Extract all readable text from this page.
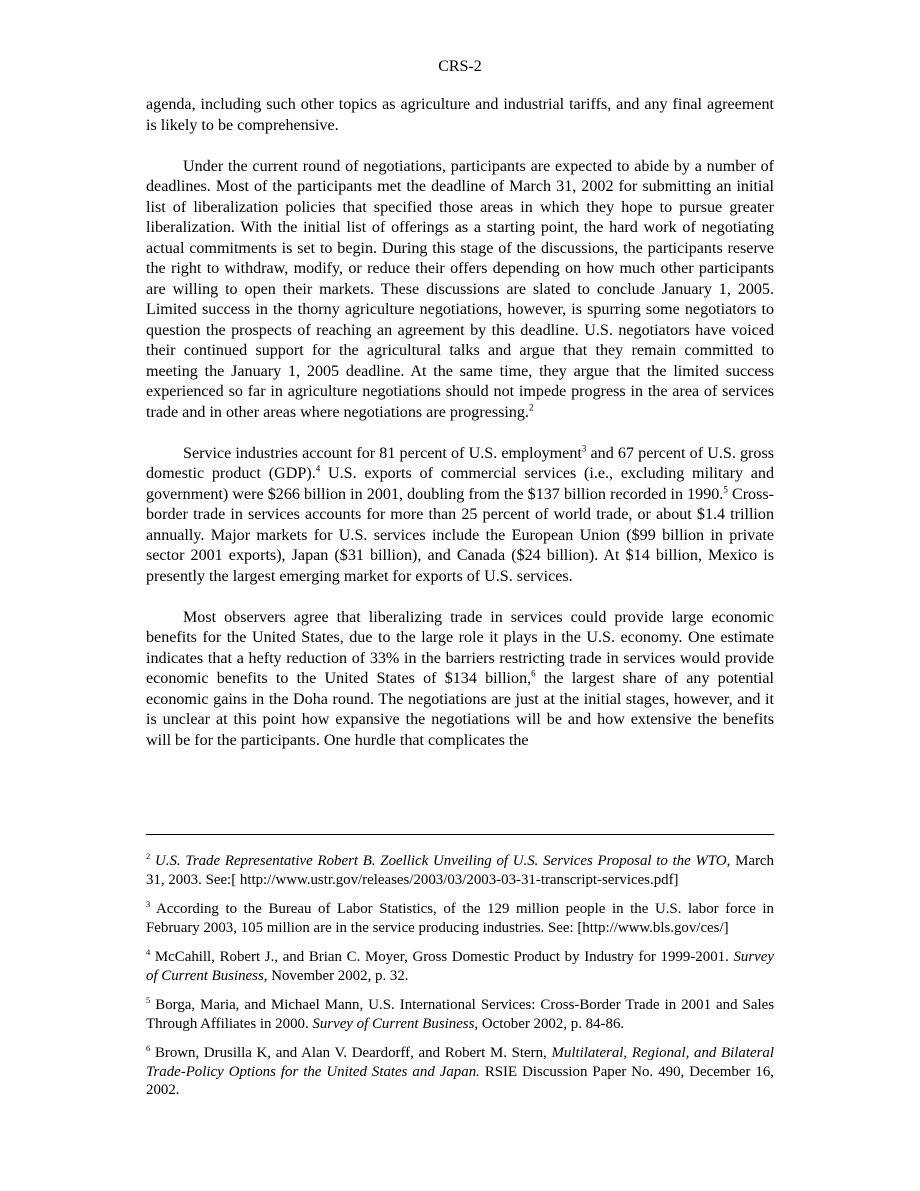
CRS-2

agenda, including such other topics as agriculture and industrial tariffs, and any final agreement is likely to be comprehensive.

Under the current round of negotiations, participants are expected to abide by a number of deadlines. Most of the participants met the deadline of March 31, 2002 for submitting an initial list of liberalization policies that specified those areas in which they hope to pursue greater liberalization. With the initial list of offerings as a starting point, the hard work of negotiating actual commitments is set to begin. During this stage of the discussions, the participants reserve the right to withdraw, modify, or reduce their offers depending on how much other participants are willing to open their markets. These discussions are slated to conclude January 1, 2005. Limited success in the thorny agriculture negotiations, however, is spurring some negotiators to question the prospects of reaching an agreement by this deadline. U.S. negotiators have voiced their continued support for the agricultural talks and argue that they remain committed to meeting the January 1, 2005 deadline. At the same time, they argue that the limited success experienced so far in agriculture negotiations should not impede progress in the area of services trade and in other areas where negotiations are progressing.$^2$

Service industries account for 81 percent of U.S. employment$^3$ and 67 percent of U.S. gross domestic product (GDP).$^4$ U.S. exports of commercial services (i.e., excluding military and government) were $266 billion in 2001, doubling from the $137 billion recorded in 1990.$^5$ Cross-border trade in services accounts for more than 25 percent of world trade, or about $1.4 trillion annually. Major markets for U.S. services include the European Union ($99 billion in private sector 2001 exports), Japan ($31 billion), and Canada ($24 billion). At $14 billion, Mexico is presently the largest emerging market for exports of U.S. services.

Most observers agree that liberalizing trade in services could provide large economic benefits for the United States, due to the large role it plays in the U.S. economy. One estimate indicates that a hefty reduction of 33% in the barriers restricting trade in services would provide economic benefits to the United States of $134 billion,$^6$ the largest share of any potential economic gains in the Doha round. The negotiations are just at the initial stages, however, and it is unclear at this point how expansive the negotiations will be and how extensive the benefits will be for the participants. One hurdle that complicates the

$^2$ U.S. Trade Representative Robert B. Zoellick Unveiling of U.S. Services Proposal to the WTO, March 31, 2003. See:[ http://www.ustr.gov/releases/2003/03/2003-03-31-transcript-services.pdf]

$^3$ According to the Bureau of Labor Statistics, of the 129 million people in the U.S. labor force in February 2003, 105 million are in the service producing industries. See: [http://www.bls.gov/ces/]

$^4$ McCahill, Robert J., and Brian C. Moyer, Gross Domestic Product by Industry for 1999-2001. Survey of Current Business, November 2002, p. 32.

$^5$ Borga, Maria, and Michael Mann, U.S. International Services: Cross-Border Trade in 2001 and Sales Through Affiliates in 2000. Survey of Current Business, October 2002, p. 84-86.

$^6$ Brown, Drusilla K, and Alan V. Deardorff, and Robert M. Stern, Multilateral, Regional, and Bilateral Trade-Policy Options for the United States and Japan. RSIE Discussion Paper No. 490, December 16, 2002.
